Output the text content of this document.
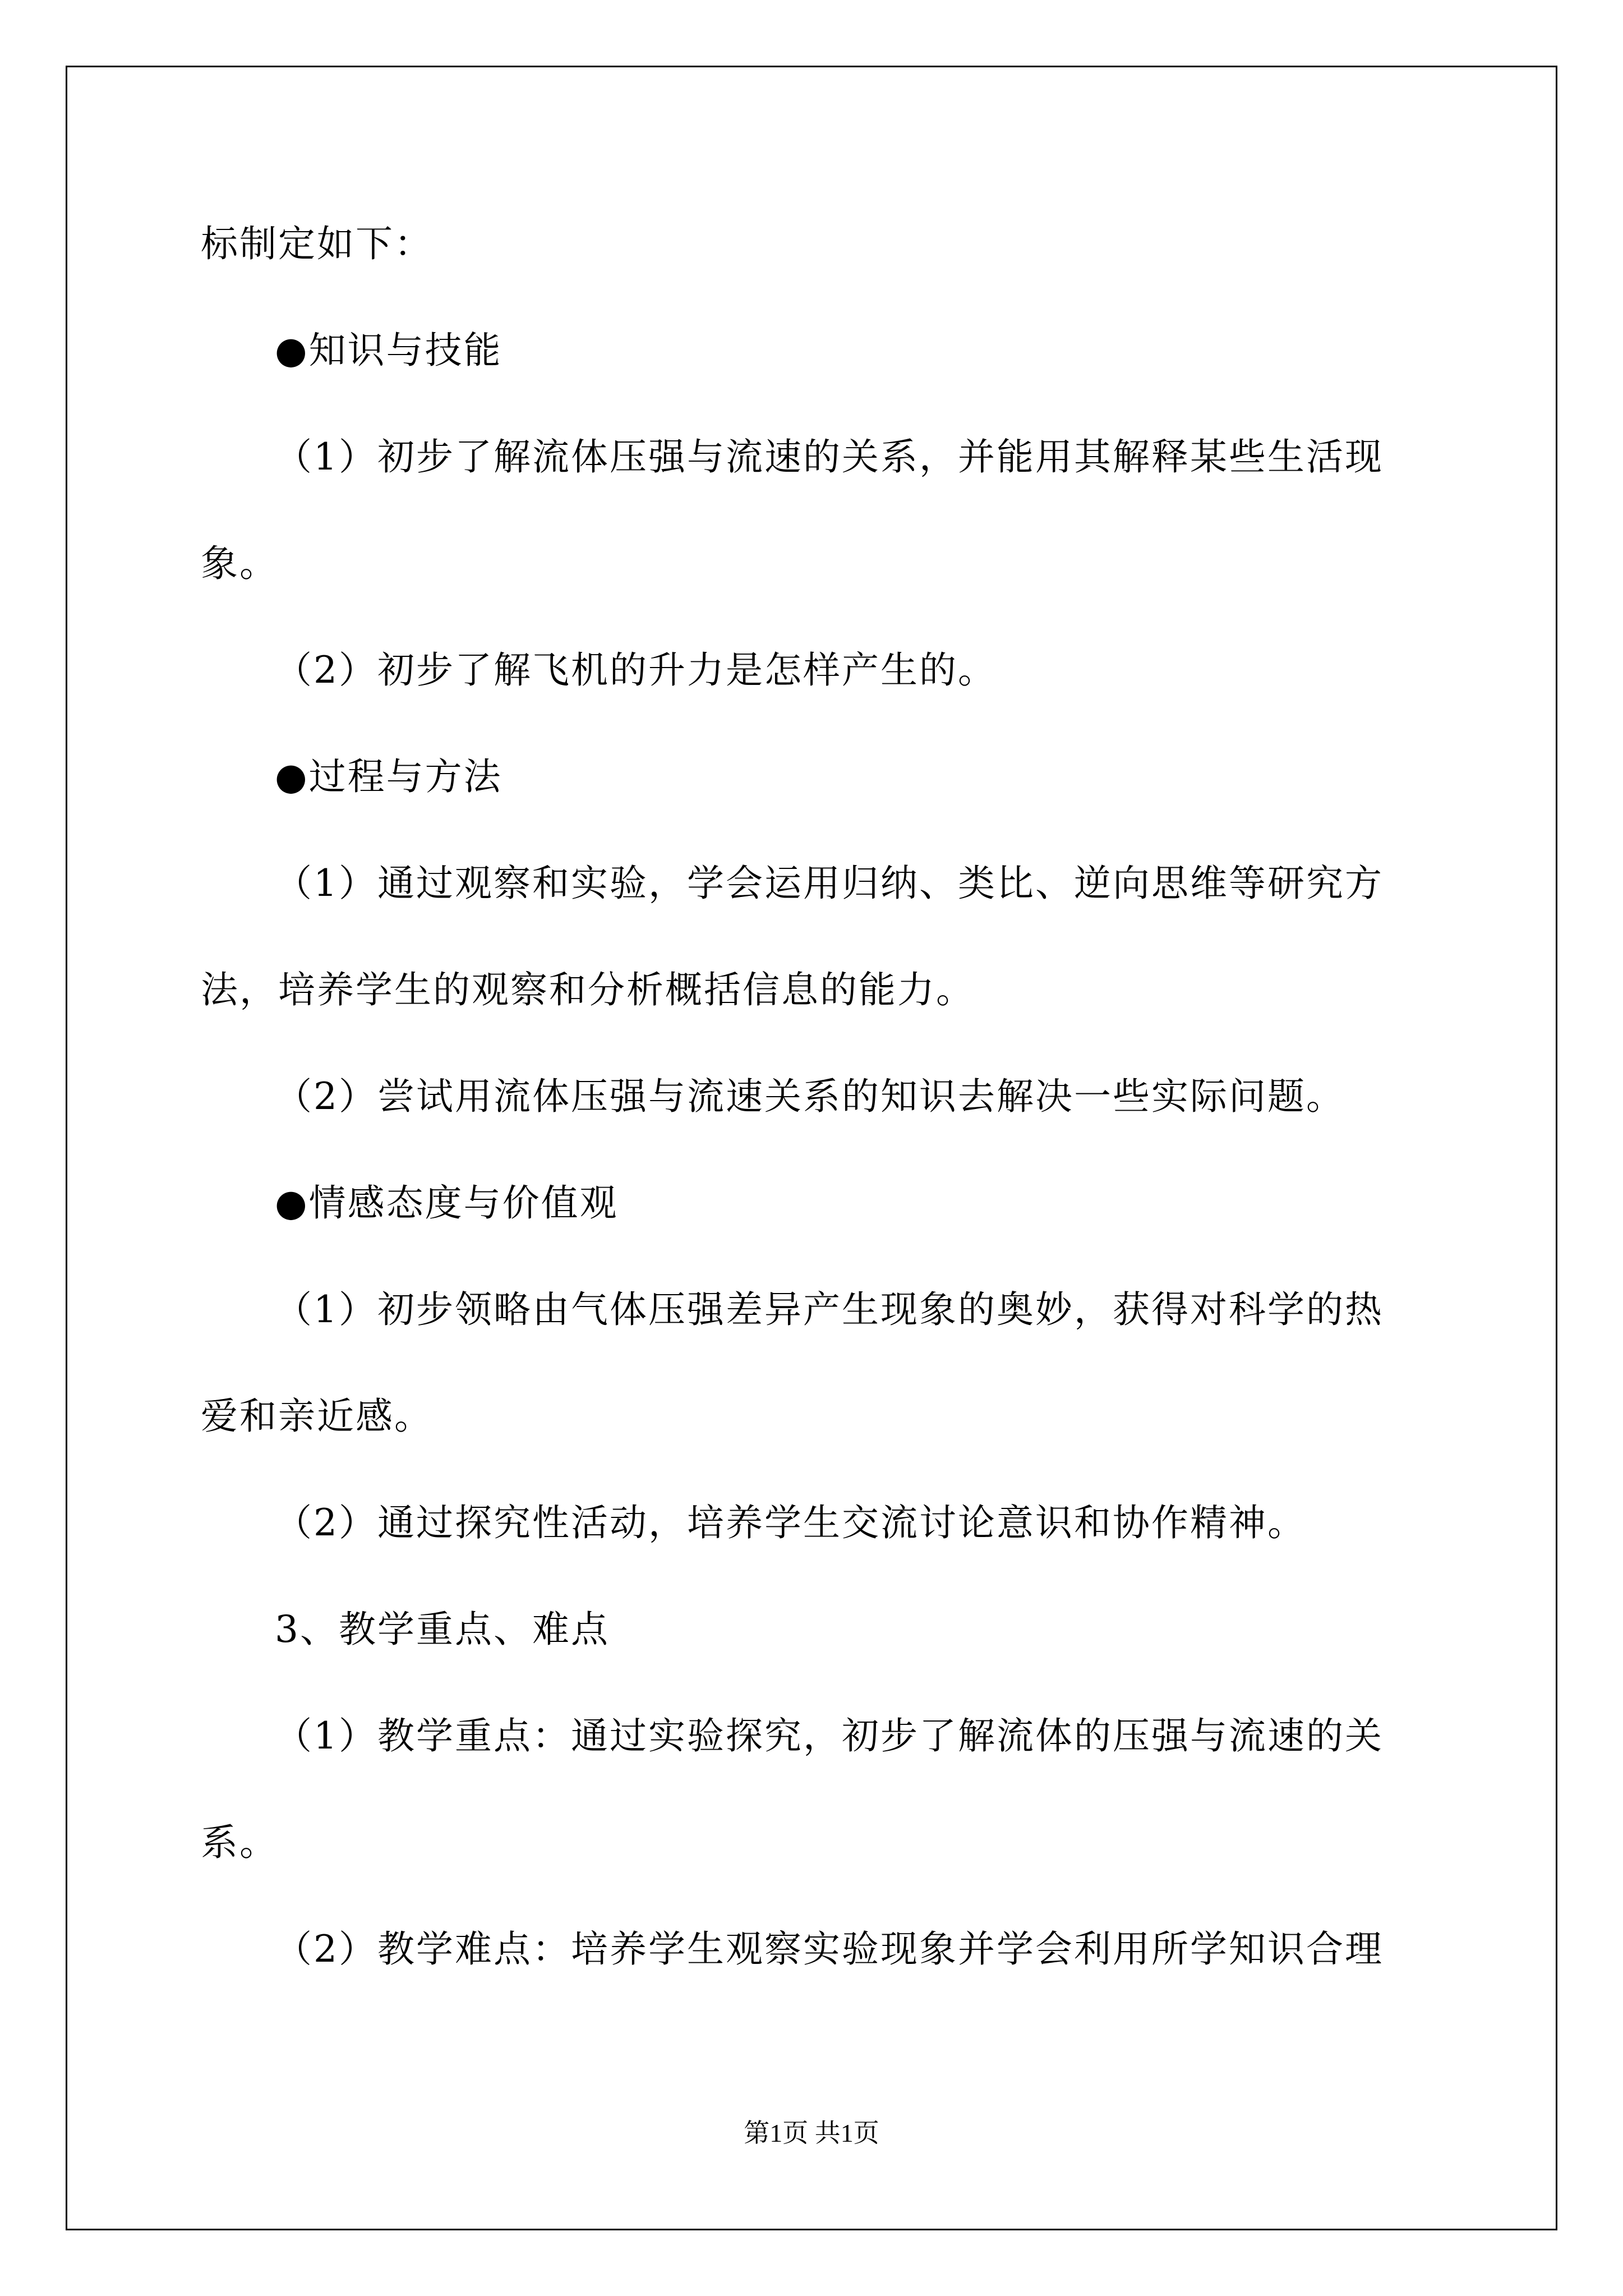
标制定如下：
●知识与技能
（1）初步了解流体压强与流速的关系，并能用其解释某些生活现
象。
（2）初步了解飞机的升力是怎样产生的。
●过程与方法
（1）通过观察和实验，学会运用归纳、类比、逆向思维等研究方
法，培养学生的观察和分析概括信息的能力。
（2）尝试用流体压强与流速关系的知识去解决一些实际问题。
●情感态度与价值观
（1）初步领略由气体压强差异产生现象的奥妙，获得对科学的热
爱和亲近感。
（2）通过探究性活动，培养学生交流讨论意识和协作精神。
3、教学重点、难点
（1）教学重点：通过实验探究，初步了解流体的压强与流速的关
系。
（2）教学难点：培养学生观察实验现象并学会利用所学知识合理
第1页 共1页
